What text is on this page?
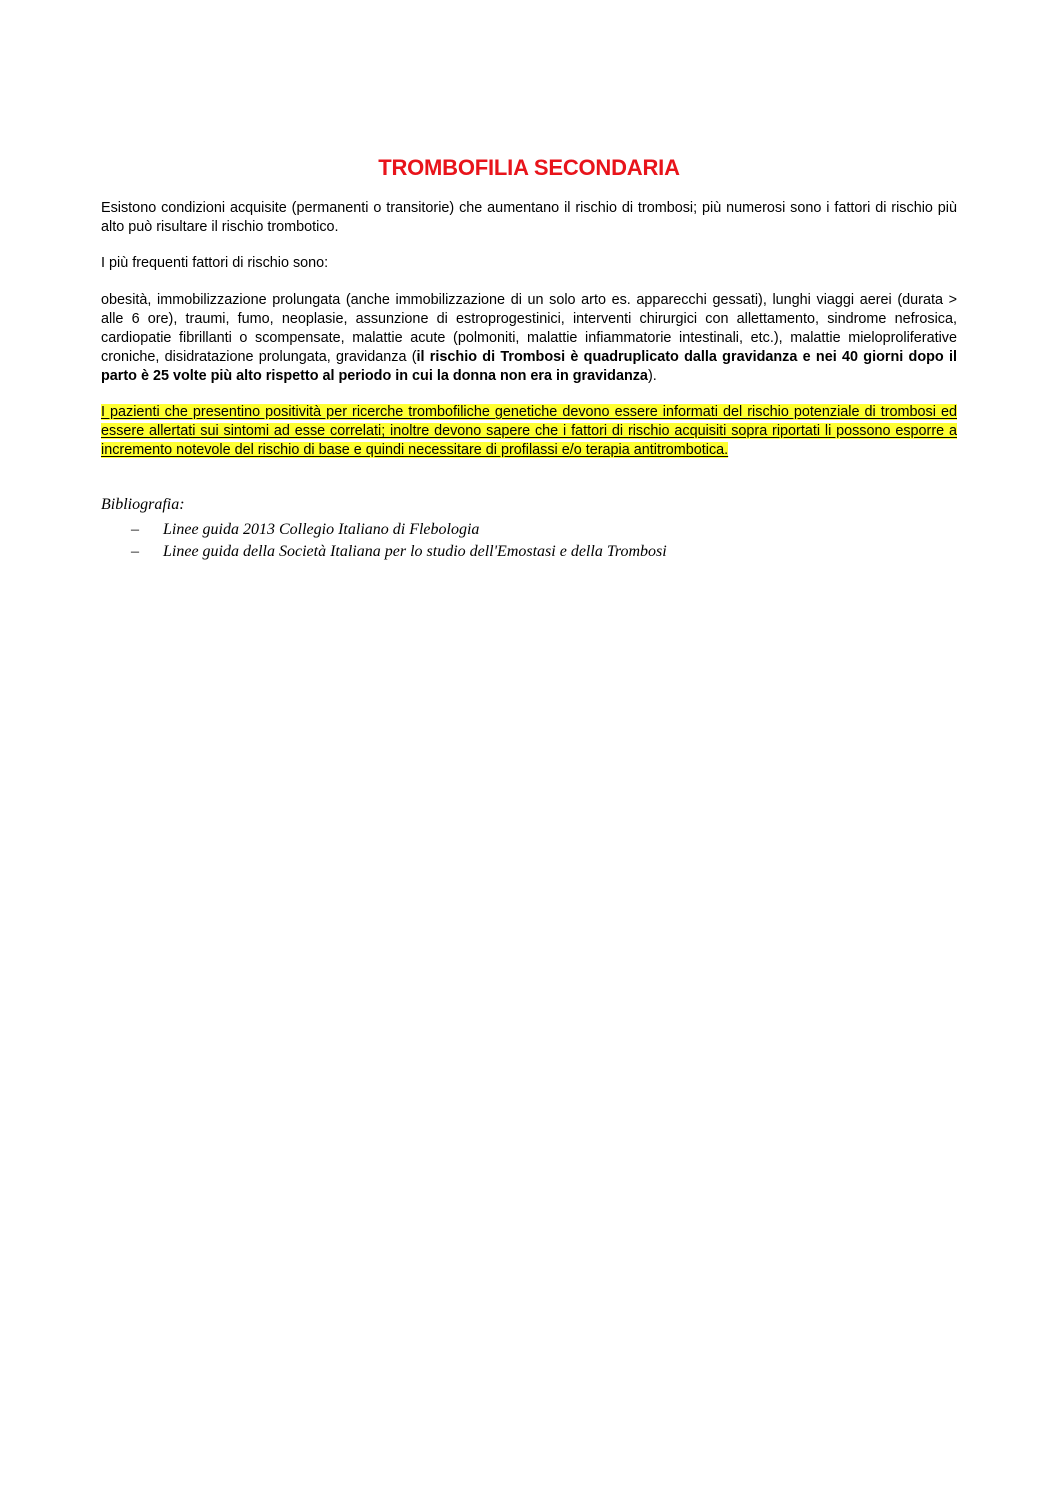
TROMBOFILIA SECONDARIA

Esistono condizioni acquisite (permanenti o transitorie) che aumentano il rischio di trombosi; più numerosi sono i fattori di rischio più alto può risultare il rischio trombotico.

I più frequenti fattori di rischio sono:

obesità, immobilizzazione prolungata (anche immobilizzazione di un solo arto es. apparecchi gessati), lunghi viaggi aerei (durata > alle 6 ore), traumi, fumo, neoplasie, assunzione di estroprogestinici, interventi chirurgici con allettamento, sindrome nefrosica, cardiopatie fibrillanti o scompensate, malattie acute (polmoniti, malattie infiammatorie intestinali, etc.), malattie mieloproliferative croniche, disidratazione prolungata, gravidanza (il rischio di Trombosi è quadruplicato dalla gravidanza e nei 40 giorni dopo il parto è 25 volte più alto rispetto al periodo in cui la donna non era in gravidanza).

I pazienti che presentino positività per ricerche trombofiliche genetiche devono essere informati del rischio potenziale di trombosi ed essere allertati sui sintomi ad esse correlati; inoltre devono sapere che i fattori di rischio acquisiti sopra riportati li possono esporre a incremento notevole del rischio di base e quindi necessitare di profilassi e/o terapia antitrombotica.

Bibliografia:
– Linee guida 2013 Collegio Italiano di Flebologia
– Linee guida della Società Italiana per lo studio dell'Emostasi e della Trombosi
